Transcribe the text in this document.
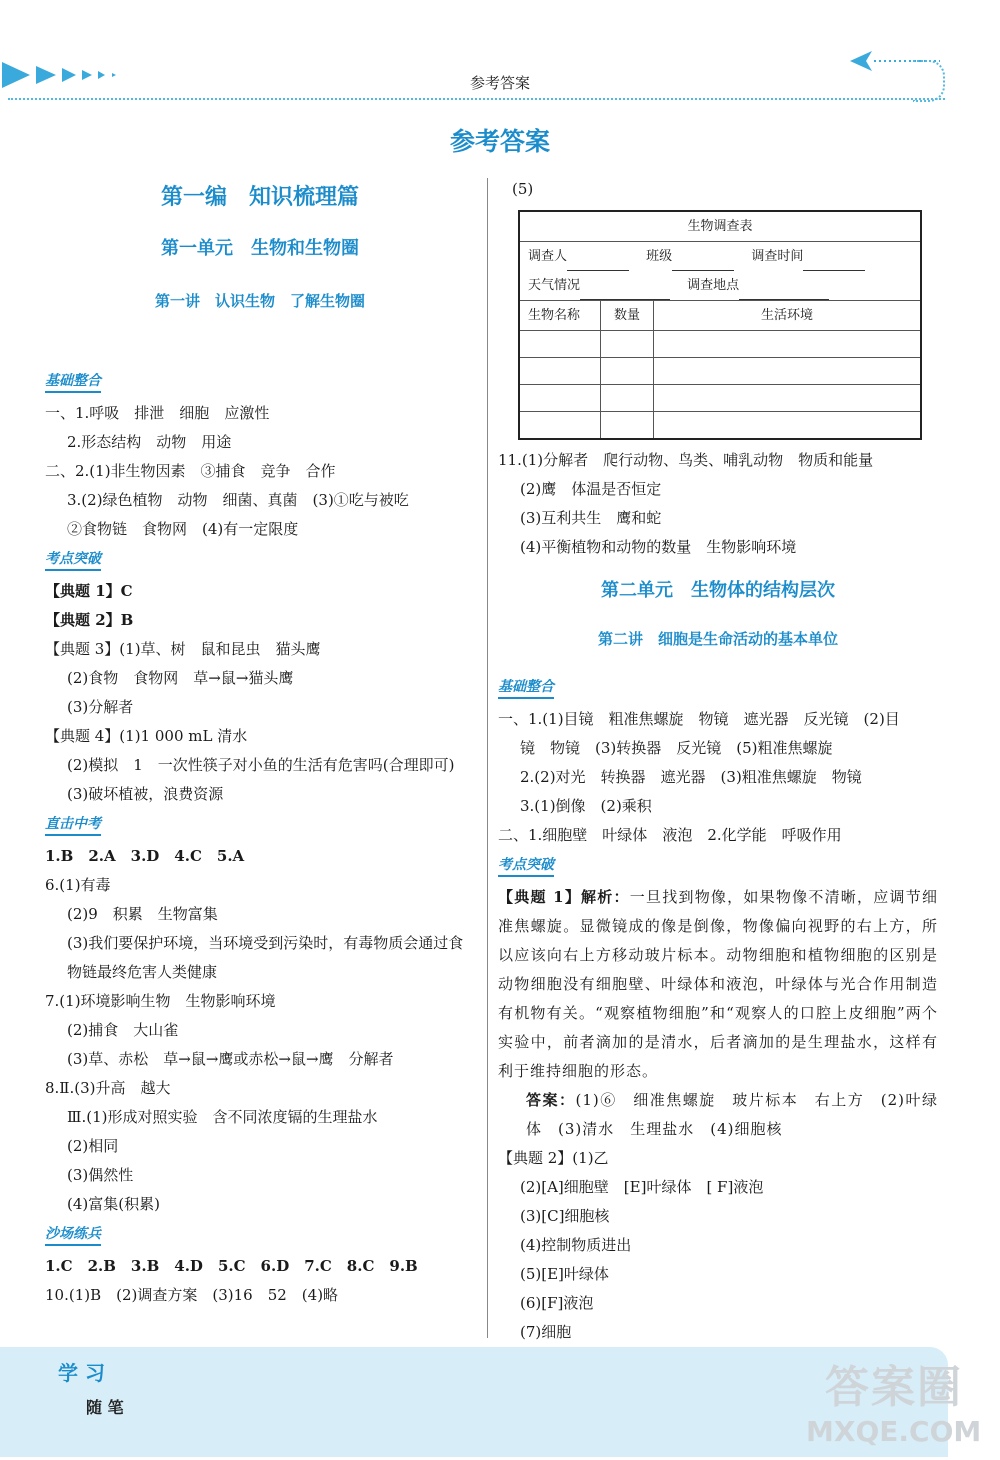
参考答案
参考答案
第一编　知识梳理篇
第一单元　生物和生物圈
第一讲　认识生物　了解生物圈
基础整合
一、1.呼吸　排泄　细胞　应激性
2.形态结构　动物　用途
二、2.(1)非生物因素　③捕食　竞争　合作
3.(2)绿色植物　动物　细菌、真菌　(3)①吃与被吃
②食物链　食物网　(4)有一定限度
考点突破
【典题 1】C
【典题 2】B
【典题 3】(1)草、树　鼠和昆虫　猫头鹰
(2)食物　食物网　草→鼠→猫头鹰
(3)分解者
【典题 4】(1)1 000 mL 清水
(2)模拟　1　一次性筷子对小鱼的生活有危害吗(合理即可)
(3)破坏植被，浪费资源
直击中考
1.B　2.A　3.D　4.C　5.A
6.(1)有毒
(2)9　积累　生物富集
(3)我们要保护环境，当环境受到污染时，有毒物质会通过食
物链最终危害人类健康
7.(1)环境影响生物　生物影响环境
(2)捕食　大山雀
(3)草、赤松　草→鼠→鹰或赤松→鼠→鹰　分解者
8.Ⅱ.(3)升高　越大
Ⅲ.(1)形成对照实验　含不同浓度镉的生理盐水
(2)相同
(3)偶然性
(4)富集(积累)
沙场练兵
1.C　2.B　3.B　4.D　5.C　6.D　7.C　8.C　9.B
10.(1)B　(2)调查方案　(3)16　52　(4)略
(5)
生物调查表		
调查人　 班级　 调查时间		
天气情况　 调查地点		
生物名称	数量	生活环境

11.(1)分解者　爬行动物、鸟类、哺乳动物　物质和能量
(2)鹰　体温是否恒定
(3)互利共生　鹰和蛇
(4)平衡植物和动物的数量　生物影响环境
第二单元　生物体的结构层次
第二讲　细胞是生命活动的基本单位
基础整合
一、1.(1)目镜　粗准焦螺旋　物镜　遮光器　反光镜　(2)目
镜　物镜　(3)转换器　反光镜　(5)粗准焦螺旋
2.(2)对光　转换器　遮光器　(3)粗准焦螺旋　物镜
3.(1)倒像　(2)乘积
二、1.细胞壁　叶绿体　液泡　2.化学能　呼吸作用
考点突破
【典题 1】解析：一旦找到物像，如果物像不清晰，应调节细准焦螺旋。显微镜成的像是倒像，物像偏向视野的右上方，所以应该向右上方移动玻片标本。动物细胞和植物细胞的区别是动物细胞没有细胞壁、叶绿体和液泡，叶绿体与光合作用制造有机物有关。“观察植物细胞”和“观察人的口腔上皮细胞”两个实验中，前者滴加的是清水，后者滴加的是生理盐水，这样有利于维持细胞的形态。
答案：(1)⑥　细准焦螺旋　玻片标本　右上方　(2)叶绿体　(3)清水　生理盐水　(4)细胞核
【典题 2】(1)乙
(2)[A]细胞壁　[E]叶绿体　[ F]液泡
(3)[C]细胞核
(4)控制物质进出
(5)[E]叶绿体
(6)[F]液泡
(7)细胞
学 习
随 笔	答案圈
MXQE.COM
